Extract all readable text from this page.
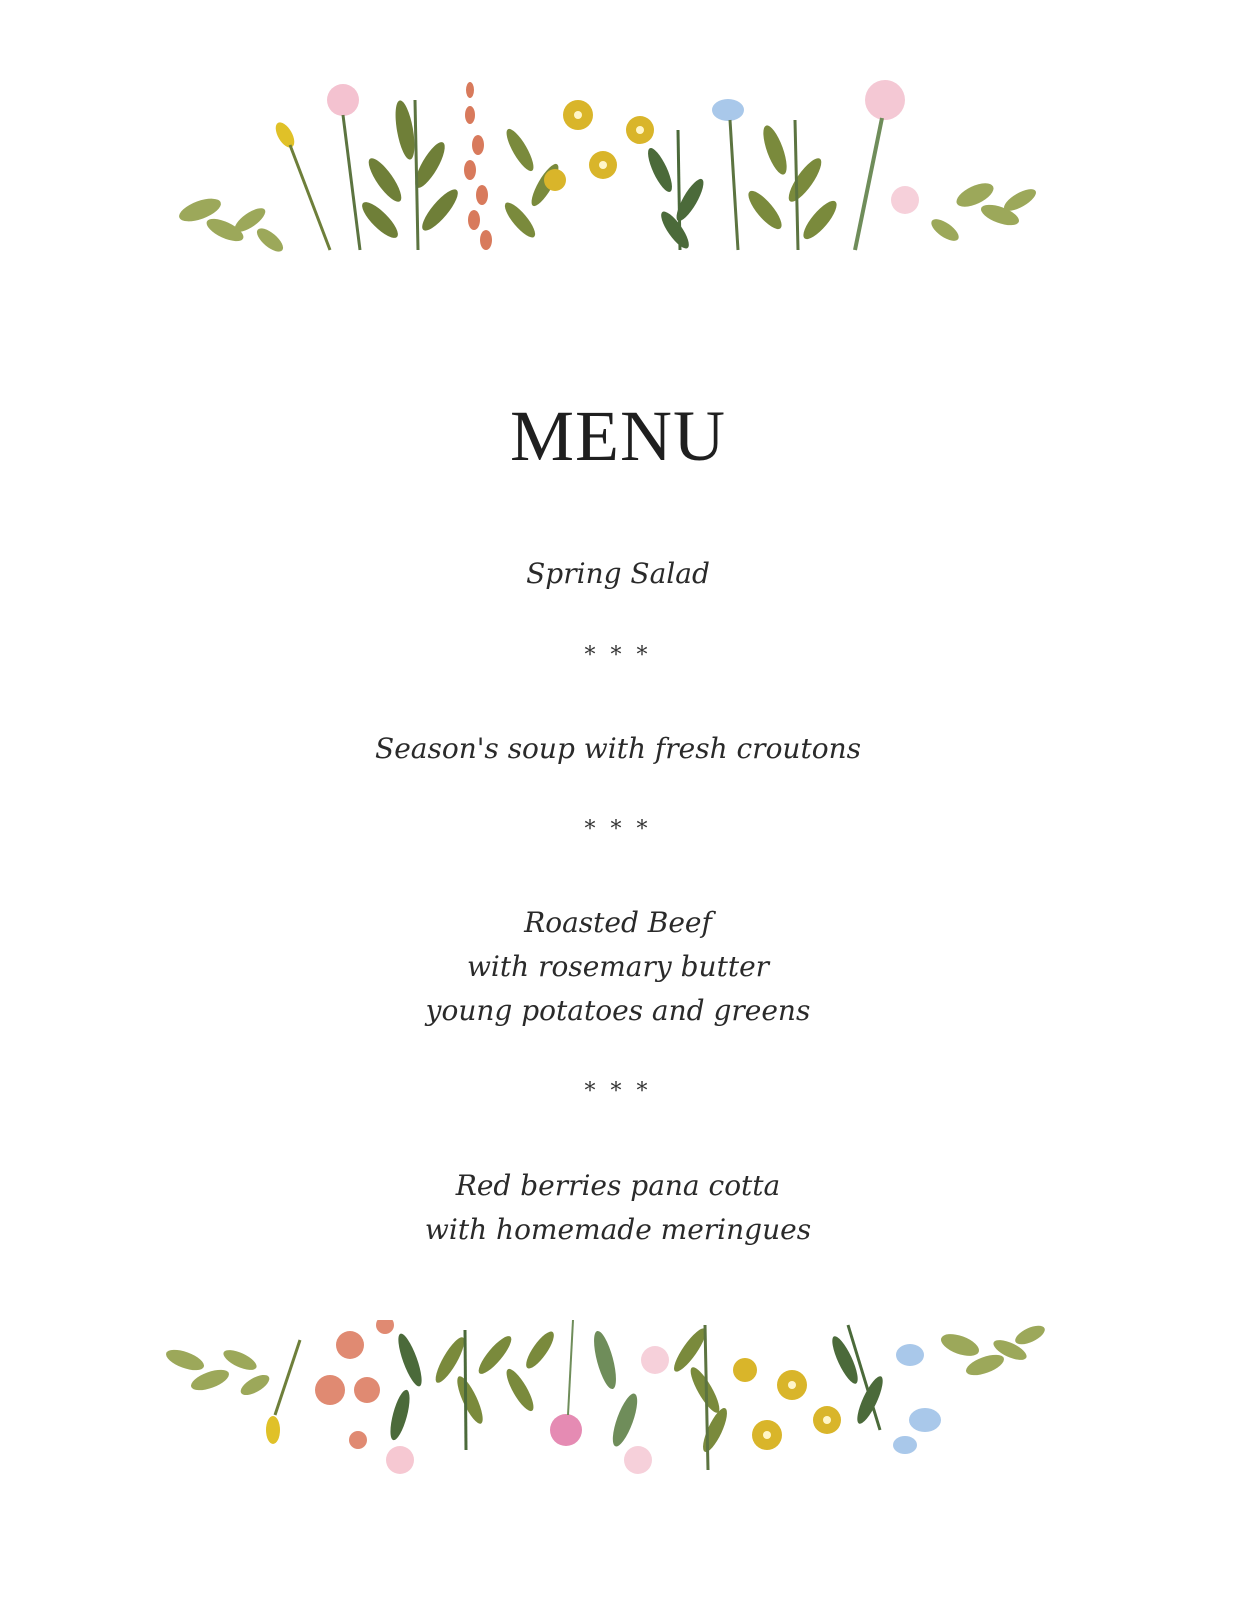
MENU
Spring Salad
* * *
Season's soup with fresh croutons
* * *
Roasted Beef
with rosemary butter
young potatoes and greens
* * *
Red berries pana cotta
with homemade meringues
